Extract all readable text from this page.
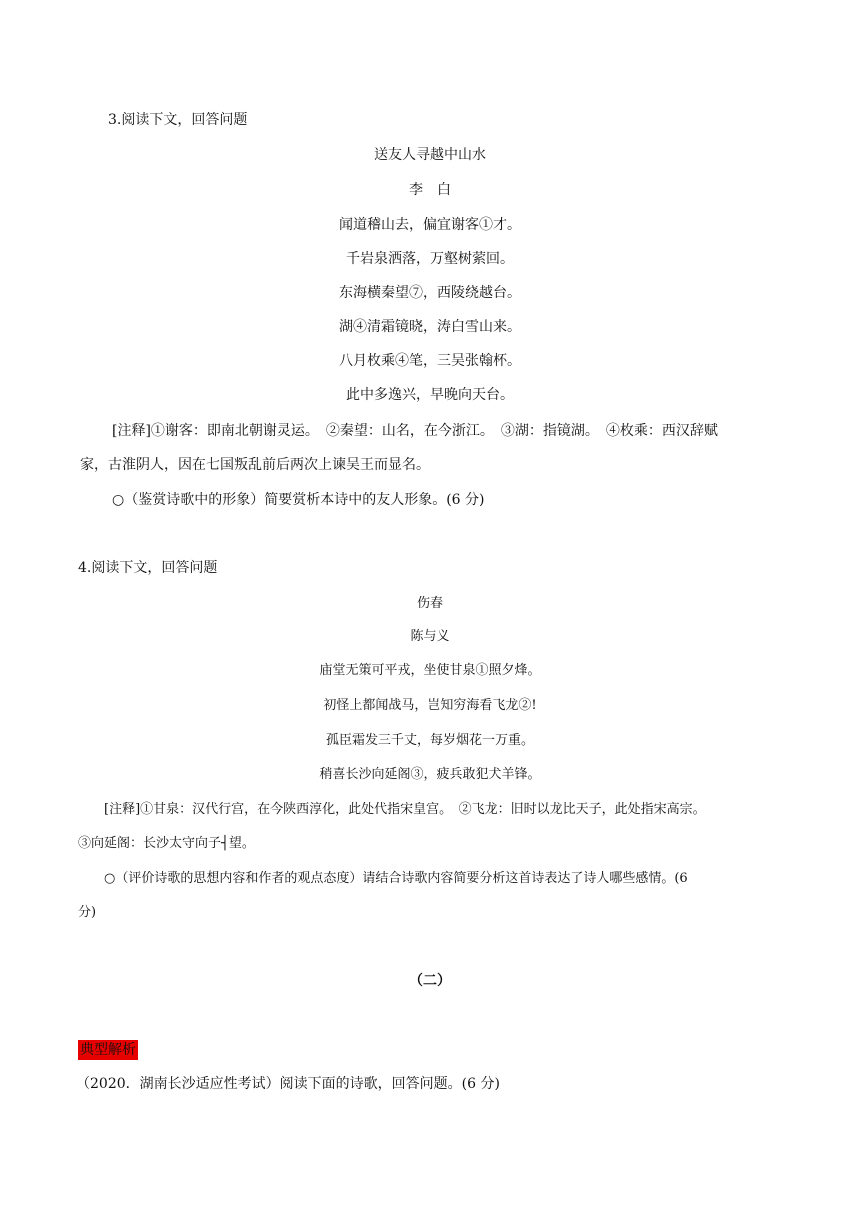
3.阅读下文，回答问题
送友人寻越中山水
李　白
闻道稽山去，偏宜谢客①才。
千岩泉洒落，万壑树萦回。
东海横秦望⑦，西陵绕越台。
湖④清霜镜晓，涛白雪山来。
八月枚乘④笔，三吴张翰杯。
此中多逸兴，早晚向天台。
[注释]①谢客：即南北朝谢灵运。　②秦望：山名，在今浙江。　③湖：指镜湖。　④枚乘：西汉辞赋
家，古淮阴人，因在七国叛乱前后两次上谏吴王而显名。
○（鉴赏诗歌中的形象）简要赏析本诗中的友人形象。(6 分)
4.阅读下文，回答问题
伤春
陈与义
庙堂无策可平戎，坐使甘泉①照夕烽。
初怪上都闻战马，岂知穷海看飞龙②!
孤臣霜发三千丈，每岁烟花一万重。
稍喜长沙向延阁③，疲兵敢犯犬羊锋。
[注释]①甘泉：汉代行宫，在今陕西淳化，此处代指宋皇宫。　②飞龙：旧时以龙比天子，此处指宋高宗。
③向延阁：长沙太守向子┤望。
○（评价诗歌的思想内容和作者的观点态度）请结合诗歌内容简要分析这首诗表达了诗人哪些感情。(6
分)
（二）
典型解析
（2020．湖南长沙适应性考试）阅读下面的诗歌，回答问题。(6 分)
